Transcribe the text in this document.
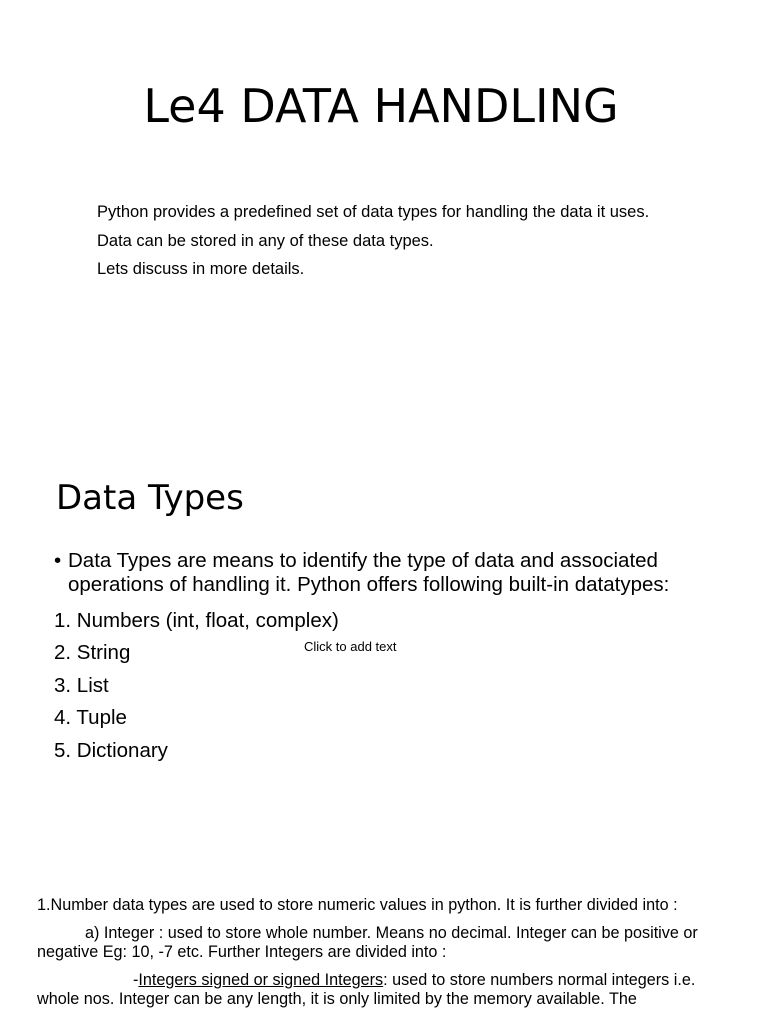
Le4 DATA HANDLING
Python provides a predefined set of data types for handling the data it uses.
Data can be stored in any of these data types.
Lets discuss in more details.
Data Types
• Data Types are means to identify the type of data and associated operations of handling it. Python offers following built-in datatypes:
1. Numbers (int, float, complex)
2. String
3. List
4. Tuple
5. Dictionary
Click to add text

1.Number data types are used to store numeric values in python. It is further divided into :

a) Integer : used to store whole number. Means no decimal. Integer can be positive or negative Eg: 10, -7 etc. Further Integers are divided into :

-Integers signed or signed Integers: used to store numbers normal integers i.e. whole nos. Integer can be any length, it is only limited by the memory available. The
